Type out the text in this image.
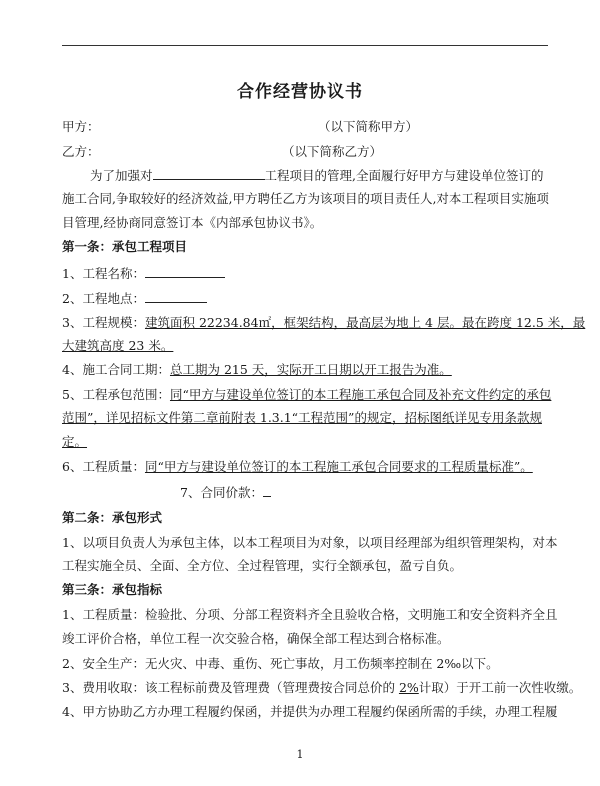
合作经营协议书
甲方：	（以下简称甲方）
乙方：	（以下简称乙方）
为了加强对	工程项目的管理,全面履行好甲方与建设单位签订的
施工合同,争取较好的经济效益,甲方聘任乙方为该项目的项目责任人,对本工程项目实施项
目管理,经协商同意签订本《内部承包协议书》。
第一条：承包工程项目
1、工程名称：
2、工程地点：
3、工程规模：建筑面积 22234.84㎡，框架结构，最高层为地上 4 层。最在跨度 12.5 米，最
大建筑高度 23 米。
4、施工合同工期：总工期为 215 天，实际开工日期以开工报告为准。
5、工程承包范围：同“甲方与建设单位签订的本工程施工承包合同及补充文件约定的承包
范围”，详见招标文件第二章前附表 1.3.1“工程范围”的规定，招标图纸详见专用条款规
定。
6、工程质量：同“甲方与建设单位签订的本工程施工承包合同要求的工程质量标准”。
7、合同价款：
第二条：承包形式
1、以项目负责人为承包主体，以本工程项目为对象，以项目经理部为组织管理架构，对本
工程实施全员、全面、全方位、全过程管理，实行全额承包，盈亏自负。
第三条：承包指标
1、工程质量：检验批、分项、分部工程资料齐全且验收合格，文明施工和安全资料齐全且
竣工评价合格，单位工程一次交验合格，确保全部工程达到合格标准。
2、安全生产：无火灾、中毒、重伤、死亡事故，月工伤频率控制在 2‰以下。
3、费用收取：该工程标前费及管理费（管理费按合同总价的 2%计取）于开工前一次性收缴。
4、甲方协助乙方办理工程履约保函，并提供为办理工程履约保函所需的手续，办理工程履
1
